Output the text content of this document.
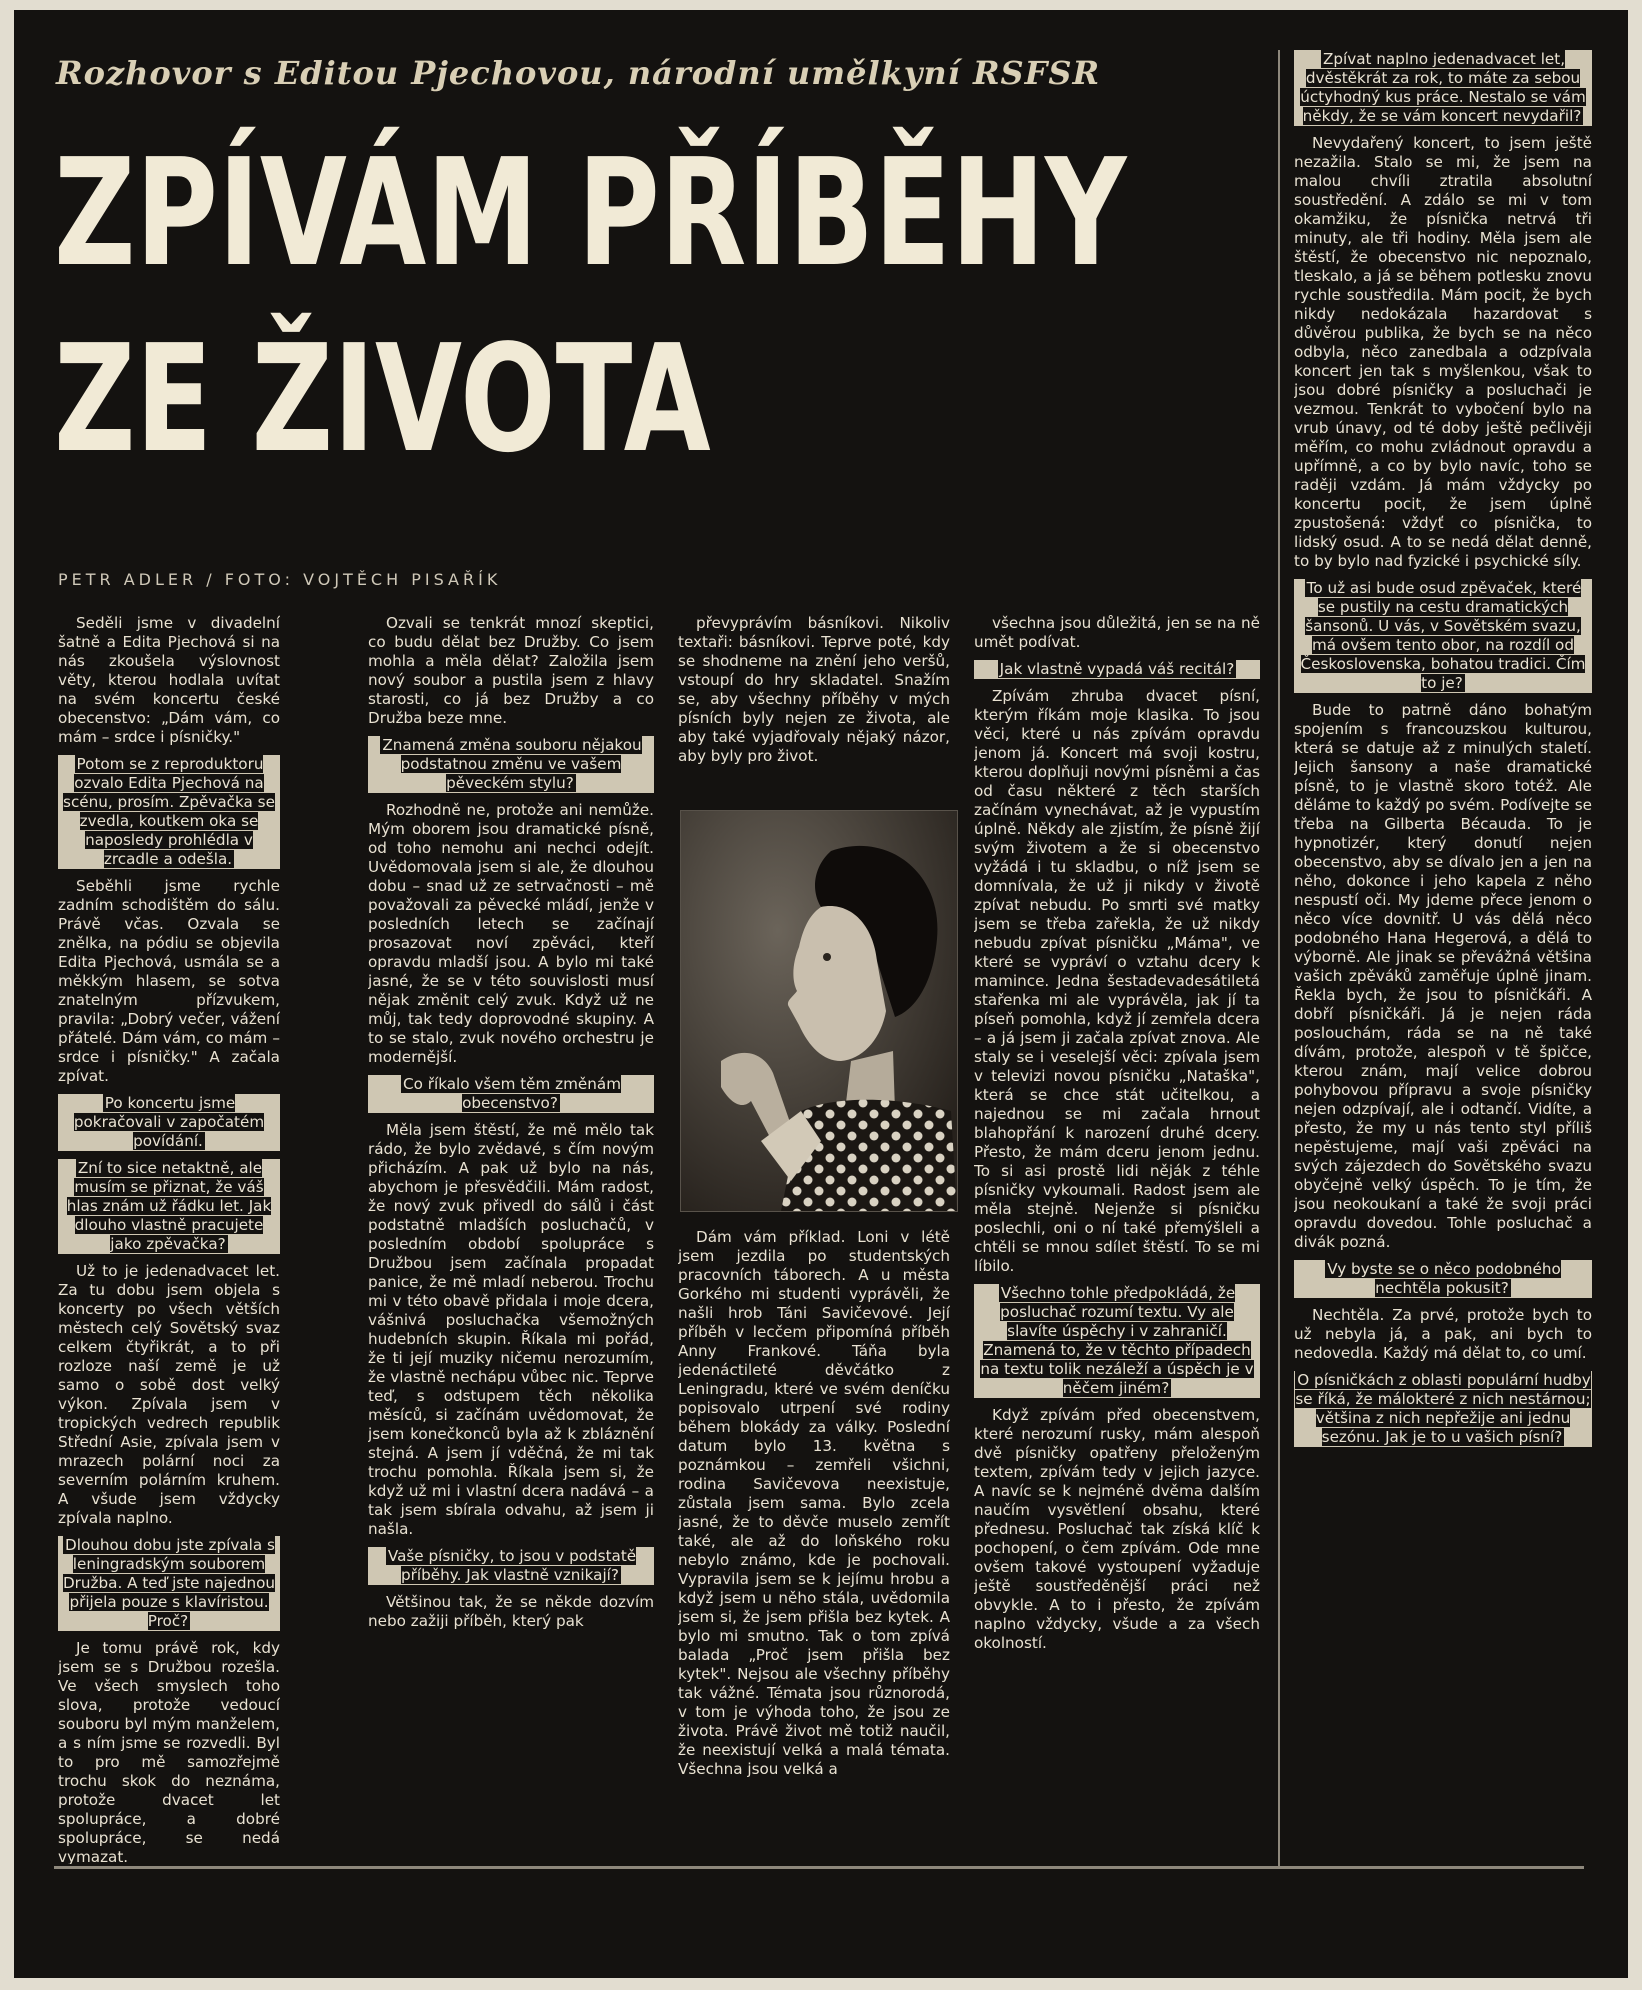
Rozhovor s Editou Pjechovou, národní umělkyní RSFSR
ZPÍVÁM PŘÍBĚHY
ZE ŽIVOTA
PETR ADLER / FOTO: VOJTĚCH PISAŘÍK

Seděli jsme v divadelní šatně a Edita Pjechová si na nás zkoušela výslovnost věty, kterou hodlala uvítat na svém koncertu české obecenstvo: „Dám vám, co mám – srdce i písničky."

Potom se z reproduktoru ozvalo Edita Pjechová na scénu, prosím. Zpěvačka se zvedla, koutkem oka se naposledy prohlédla v zrcadle a odešla.

Seběhli jsme rychle zadním schodištěm do sálu. Právě včas. Ozvala se znělka, na pódiu se objevila Edita Pjechová, usmála se a měkkým hlasem, se sotva znatelným přízvukem, pravila: „Dobrý večer, vážení přátelé. Dám vám, co mám – srdce i písničky." A začala zpívat.

Po koncertu jsme pokračovali v započatém povídání.

Zní to sice netaktně, ale musím se přiznat, že váš hlas znám už řádku let. Jak dlouho vlastně pracujete jako zpěvačka?

Už to je jedenadvacet let. Za tu dobu jsem objela s koncerty po všech větších městech celý Sovětský svaz celkem čtyřikrát, a to při rozloze naší země je už samo o sobě dost velký výkon. Zpívala jsem v tropických vedrech republik Střední Asie, zpívala jsem v mrazech polární noci za severním polárním kruhem. A všude jsem vždycky zpívala naplno.

Dlouhou dobu jste zpívala s leningradským souborem Družba. A teď jste najednou přijela pouze s klavíristou. Proč?

Je tomu právě rok, kdy jsem se s Družbou rozešla. Ve všech smyslech toho slova, protože vedoucí souboru byl mým manželem, a s ním jsme se rozvedli. Byl to pro mě samozřejmě trochu skok do neznáma, protože dvacet let spolupráce, a dobré spolupráce, se nedá vymazat.

Ozvali se tenkrát mnozí skeptici, co budu dělat bez Družby. Co jsem mohla a měla dělat? Založila jsem nový soubor a pustila jsem z hlavy starosti, co já bez Družby a co Družba beze mne.

Znamená změna souboru nějakou podstatnou změnu ve vašem pěveckém stylu?

Rozhodně ne, protože ani nemůže. Mým oborem jsou dramatické písně, od toho nemohu ani nechci odejít. Uvědomovala jsem si ale, že dlouhou dobu – snad už ze setrvačnosti – mě považovali za pěvecké mládí, jenže v posledních letech se začínají prosazovat noví zpěváci, kteří opravdu mladší jsou. A bylo mi také jasné, že se v této souvislosti musí nějak změnit celý zvuk. Když už ne můj, tak tedy doprovodné skupiny. A to se stalo, zvuk nového orchestru je modernější.

Co říkalo všem těm změnám obecenstvo?

Měla jsem štěstí, že mě mělo tak rádo, že bylo zvědavé, s čím novým přicházím. A pak už bylo na nás, abychom je přesvědčili. Mám radost, že nový zvuk přivedl do sálů i část podstatně mladších posluchačů, v posledním období spolupráce s Družbou jsem začínala propadat panice, že mě mladí neberou. Trochu mi v této obavě přidala i moje dcera, vášnivá posluchačka všemožných hudebních skupin. Říkala mi pořád, že ti její muziky ničemu nerozumím, že vlastně nechápu vůbec nic. Teprve teď, s odstupem těch několika měsíců, si začínám uvědomovat, že jsem konečkonců byla až k zbláznění stejná. A jsem jí vděčná, že mi tak trochu pomohla. Říkala jsem si, že když už mi i vlastní dcera nadává – a tak jsem sbírala odvahu, až jsem ji našla.

Vaše písničky, to jsou v podstatě příběhy. Jak vlastně vznikají?

Většinou tak, že se někde dozvím nebo zažiji příběh, který pak

převyprávím básníkovi. Nikoliv textaři: básníkovi. Teprve poté, kdy se shodneme na znění jeho veršů, vstoupí do hry skladatel. Snažím se, aby všechny příběhy v mých písních byly nejen ze života, ale aby také vyjadřovaly nějaký názor, aby byly pro život.

Dám vám příklad. Loni v létě jsem jezdila po studentských pracovních táborech. A u města Gorkého mi studenti vyprávěli, že našli hrob Táni Savičevové. Její příběh v lecčem připomíná příběh Anny Frankové. Táňa byla jedenáctileté děvčátko z Leningradu, které ve svém deníčku popisovalo utrpení své rodiny během blokády za války. Poslední datum bylo 13. května s poznámkou – zemřeli všichni, rodina Savičevova neexistuje, zůstala jsem sama. Bylo zcela jasné, že to děvče muselo zemřít také, ale až do loňského roku nebylo známo, kde je pochovali. Vypravila jsem se k jejímu hrobu a když jsem u něho stála, uvědomila jsem si, že jsem přišla bez kytek. A bylo mi smutno. Tak o tom zpívá balada „Proč jsem přišla bez kytek". Nejsou ale všechny příběhy tak vážné. Témata jsou různorodá, v tom je výhoda toho, že jsou ze života. Právě život mě totiž naučil, že neexistují velká a malá témata. Všechna jsou velká a

všechna jsou důležitá, jen se na ně umět podívat.

Jak vlastně vypadá váš recitál?

Zpívám zhruba dvacet písní, kterým říkám moje klasika. To jsou věci, které u nás zpívám opravdu jenom já. Koncert má svoji kostru, kterou doplňuji novými písněmi a čas od času některé z těch starších začínám vynechávat, až je vypustím úplně. Někdy ale zjistím, že písně žijí svým životem a že si obecenstvo vyžádá i tu skladbu, o níž jsem se domnívala, že už ji nikdy v životě zpívat nebudu. Po smrti své matky jsem se třeba zařekla, že už nikdy nebudu zpívat písničku „Máma", ve které se vypráví o vztahu dcery k mamince. Jedna šestadevadesátiletá stařenka mi ale vyprávěla, jak jí ta píseň pomohla, když jí zemřela dcera – a já jsem ji začala zpívat znova. Ale staly se i veselejší věci: zpívala jsem v televizi novou písničku „Nataška", která se chce stát učitelkou, a najednou se mi začala hrnout blahopřání k narození druhé dcery. Přesto, že mám dceru jenom jednu. To si asi prostě lidi něják z téhle písničky vykoumali. Radost jsem ale měla stejně. Nejenže si písničku poslechli, oni o ní také přemýšleli a chtěli se mnou sdílet štěstí. To se mi líbilo.

Všechno tohle předpokládá, že posluchač rozumí textu. Vy ale slavíte úspěchy i v zahraničí. Znamená to, že v těchto případech na textu tolik nezáleží a úspěch je v něčem jiném?

Když zpívám před obecenstvem, které nerozumí rusky, mám alespoň dvě písničky opatřeny přeloženým textem, zpívám tedy v jejich jazyce. A navíc se k nejméně dvěma dalším naučím vysvětlení obsahu, které přednesu. Posluchač tak získá klíč k pochopení, o čem zpívám. Ode mne ovšem takové vystoupení vyžaduje ještě soustředěnější práci než obvykle. A to i přesto, že zpívám naplno vždycky, všude a za všech okolností.

Zpívat naplno jedenadvacet let, dvěstěkrát za rok, to máte za sebou úctyhodný kus práce. Nestalo se vám někdy, že se vám koncert nevydařil?

Nevydařený koncert, to jsem ještě nezažila. Stalo se mi, že jsem na malou chvíli ztratila absolutní soustředění. A zdálo se mi v tom okamžiku, že písnička netrvá tři minuty, ale tři hodiny. Měla jsem ale štěstí, že obecenstvo nic nepoznalo, tleskalo, a já se během potlesku znovu rychle soustředila. Mám pocit, že bych nikdy nedokázala hazardovat s důvěrou publika, že bych se na něco odbyla, něco zanedbala a odzpívala koncert jen tak s myšlenkou, však to jsou dobré písničky a posluchači je vezmou. Tenkrát to vybočení bylo na vrub únavy, od té doby ještě pečlivěji měřím, co mohu zvládnout opravdu a upřímně, a co by bylo navíc, toho se raději vzdám. Já mám vždycky po koncertu pocit, že jsem úplně zpustošená: vždyť co písnička, to lidský osud. A to se nedá dělat denně, to by bylo nad fyzické i psychické síly.

To už asi bude osud zpěvaček, které se pustily na cestu dramatických šansonů. U vás, v Sovětském svazu, má ovšem tento obor, na rozdíl od Československa, bohatou tradici. Čím to je?

Bude to patrně dáno bohatým spojením s francouzskou kulturou, která se datuje až z minulých staletí. Jejich šansony a naše dramatické písně, to je vlastně skoro totéž. Ale děláme to každý po svém. Podívejte se třeba na Gilberta Bécauda. To je hypnotizér, který donutí nejen obecenstvo, aby se dívalo jen a jen na něho, dokonce i jeho kapela z něho nespustí oči. My jdeme přece jenom o něco více dovnitř. U vás dělá něco podobného Hana Hegerová, a dělá to výborně. Ale jinak se převážná většina vašich zpěváků zaměřuje úplně jinam. Řekla bych, že jsou to písničkáři. A dobří písničkáři. Já je nejen ráda poslouchám, ráda se na ně také dívám, protože, alespoň v tě špičce, kterou znám, mají velice dobrou pohybovou přípravu a svoje písničky nejen odzpívají, ale i odtančí. Vidíte, a přesto, že my u nás tento styl příliš nepěstujeme, mají vaši zpěváci na svých zájezdech do Sovětského svazu obyčejně velký úspěch. To je tím, že jsou neokoukaní a také že svoji práci opravdu dovedou. Tohle posluchač a divák pozná.

Vy byste se o něco podobného nechtěla pokusit?

Nechtěla. Za prvé, protože bych to už nebyla já, a pak, ani bych to nedovedla. Každý má dělat to, co umí.

O písničkách z oblasti populární hudby se říká, že málokteré z nich nestárnou; většina z nich nepřežije ani jednu sezónu. Jak je to u vašich písní?
